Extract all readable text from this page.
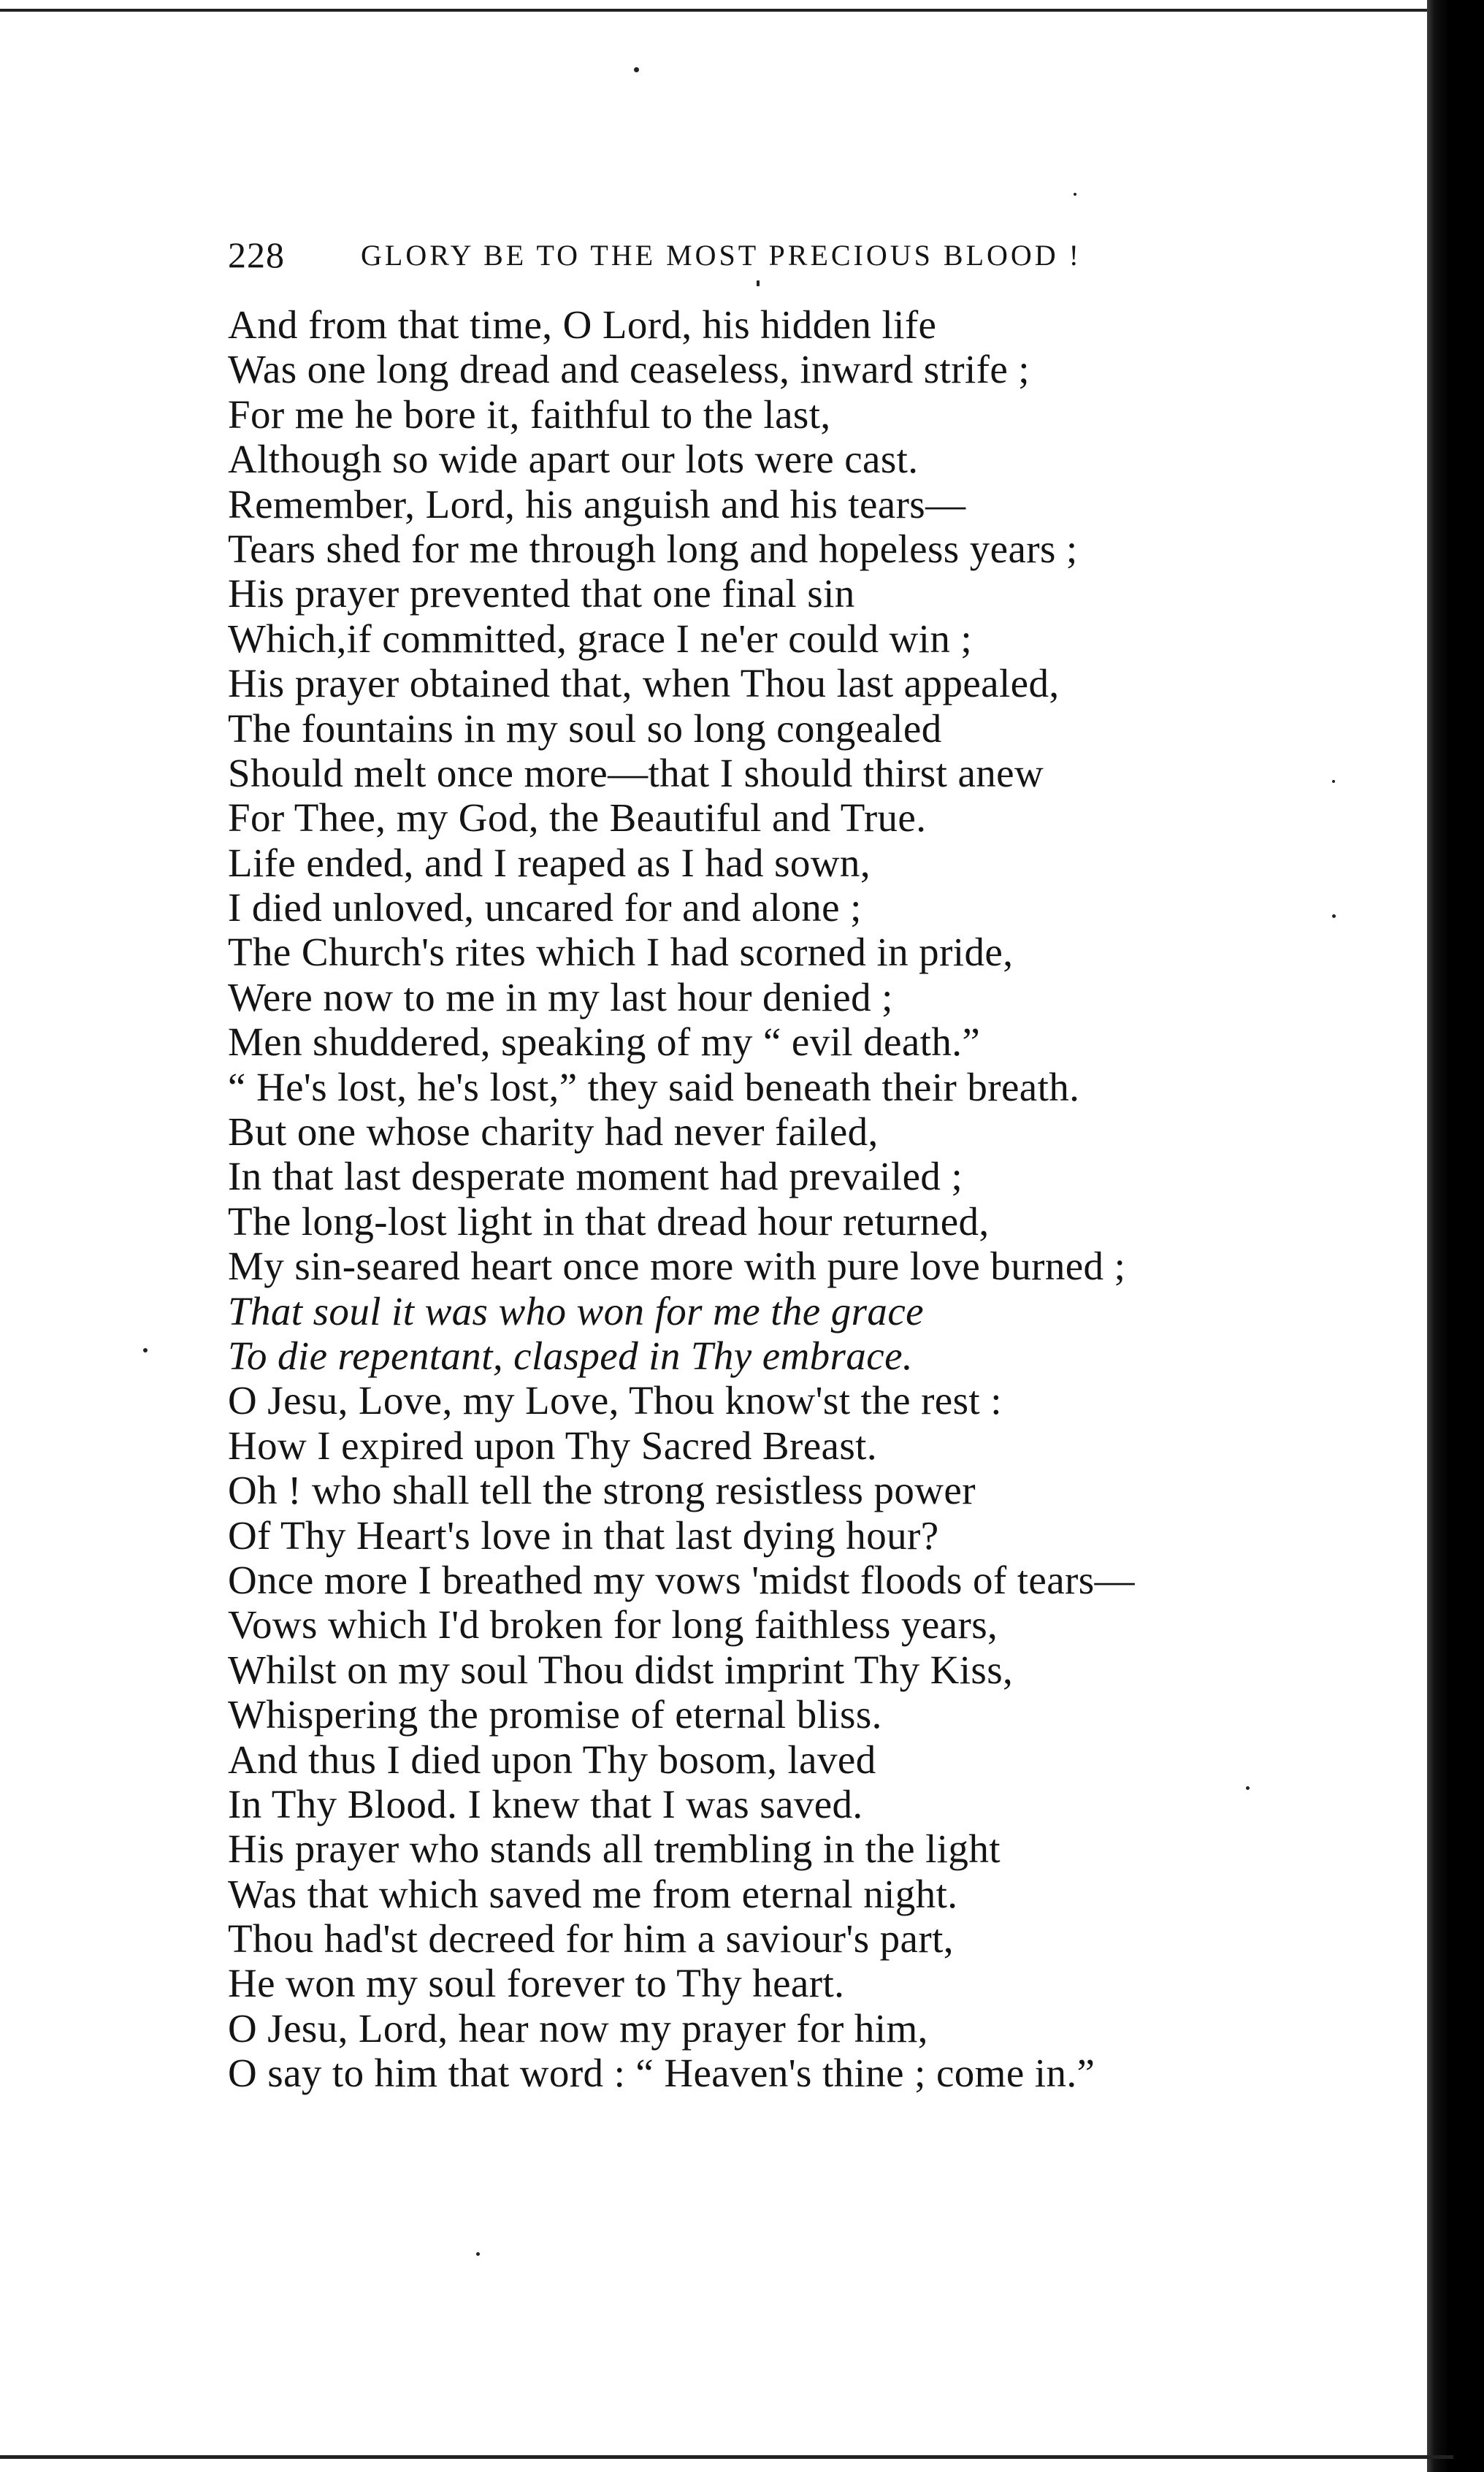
228	GLORY BE TO THE MOST PRECIOUS BLOOD !
And from that time, O Lord, his hidden life
Was one long dread and ceaseless, inward strife ;
For me he bore it, faithful to the last,
Although so wide apart our lots were cast.
Remember, Lord, his anguish and his tears—
Tears shed for me through long and hopeless years ;
His prayer prevented that one final sin
Which,if committed, grace I ne'er could win ;
His prayer obtained that, when Thou last appealed,
The fountains in my soul so long congealed
Should melt once more—that I should thirst anew
For Thee, my God, the Beautiful and True.
Life ended, and I reaped as I had sown,
I died unloved, uncared for and alone ;
The Church's rites which I had scorned in pride,
Were now to me in my last hour denied ;
Men shuddered, speaking of my “ evil death.”
“ He's lost, he's lost,” they said beneath their breath.
But one whose charity had never failed,
In that last desperate moment had prevailed ;
The long-lost light in that dread hour returned,
My sin-seared heart once more with pure love burned ;
That soul it was who won for me the grace
To die repentant, clasped in Thy embrace.
O Jesu, Love, my Love, Thou know'st the rest :
How I expired upon Thy Sacred Breast.
Oh ! who shall tell the strong resistless power
Of Thy Heart's love in that last dying hour?
Once more I breathed my vows 'midst floods of tears—
Vows which I'd broken for long faithless years,
Whilst on my soul Thou didst imprint Thy Kiss,
Whispering the promise of eternal bliss.
And thus I died upon Thy bosom, laved
In Thy Blood. I knew that I was saved.
His prayer who stands all trembling in the light
Was that which saved me from eternal night.
Thou had'st decreed for him a saviour's part,
He won my soul forever to Thy heart.
O Jesu, Lord, hear now my prayer for him,
O say to him that word : “ Heaven's thine ; come in.”
